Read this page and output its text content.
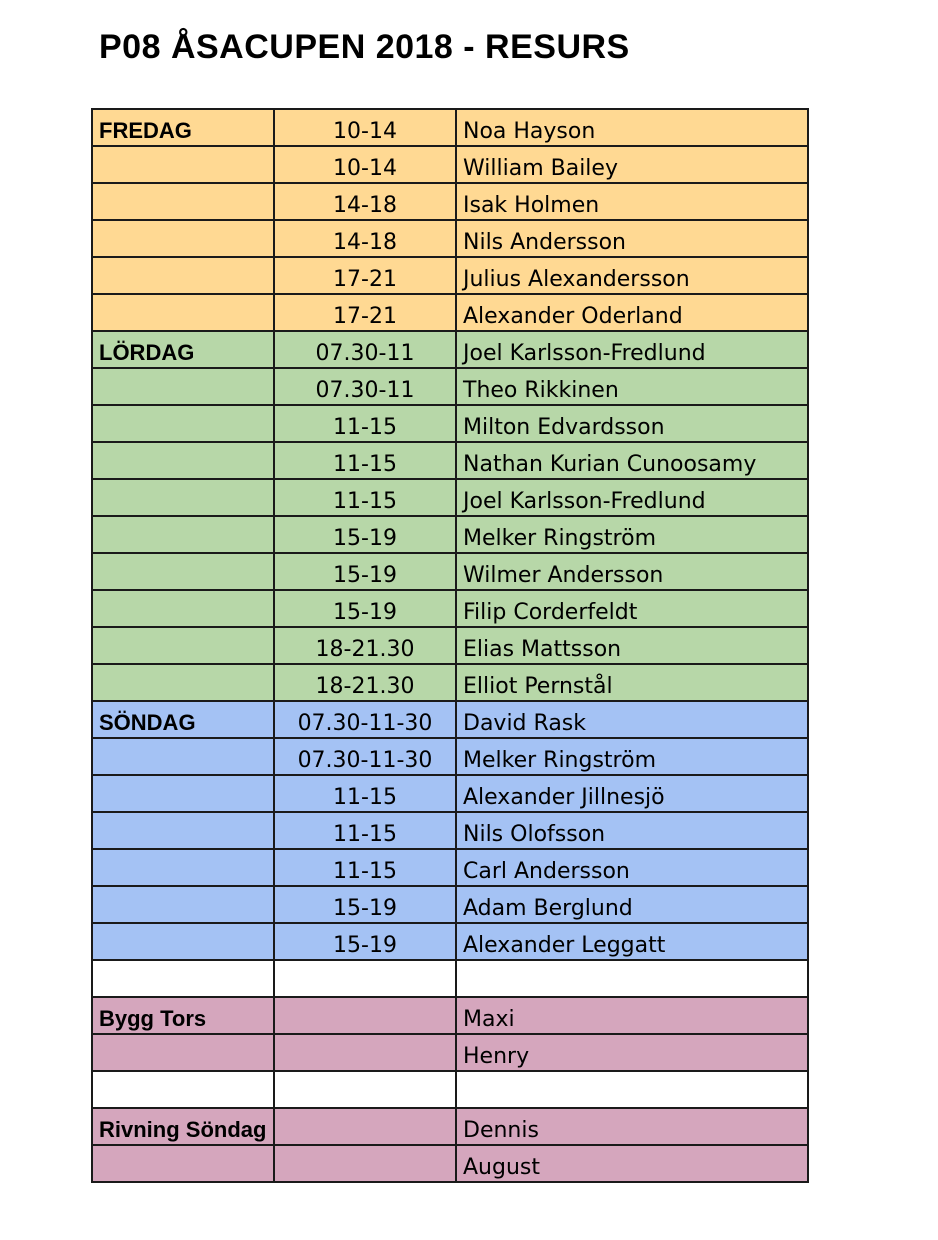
P08 ÅSACUPEN 2018 - RESURS
FREDAG	10-14	Noa Hayson
	10-14	William Bailey
	14-18	Isak Holmen
	14-18	Nils Andersson
	17-21	Julius Alexandersson
	17-21	Alexander Oderland
LÖRDAG	07.30-11	Joel Karlsson-Fredlund
	07.30-11	Theo Rikkinen
	11-15	Milton Edvardsson
	11-15	Nathan Kurian Cunoosamy
	11-15	Joel Karlsson-Fredlund
	15-19	Melker Ringström
	15-19	Wilmer Andersson
	15-19	Filip Corderfeldt
	18-21.30	Elias Mattsson
	18-21.30	Elliot Pernstål
SÖNDAG	07.30-11-30	David Rask
	07.30-11-30	Melker Ringström
	11-15	Alexander Jillnesjö
	11-15	Nils Olofsson
	11-15	Carl Andersson
	15-19	Adam Berglund
	15-19	Alexander Leggatt

Bygg Tors		Maxi
		Henry

Rivning Söndag		Dennis
		August
